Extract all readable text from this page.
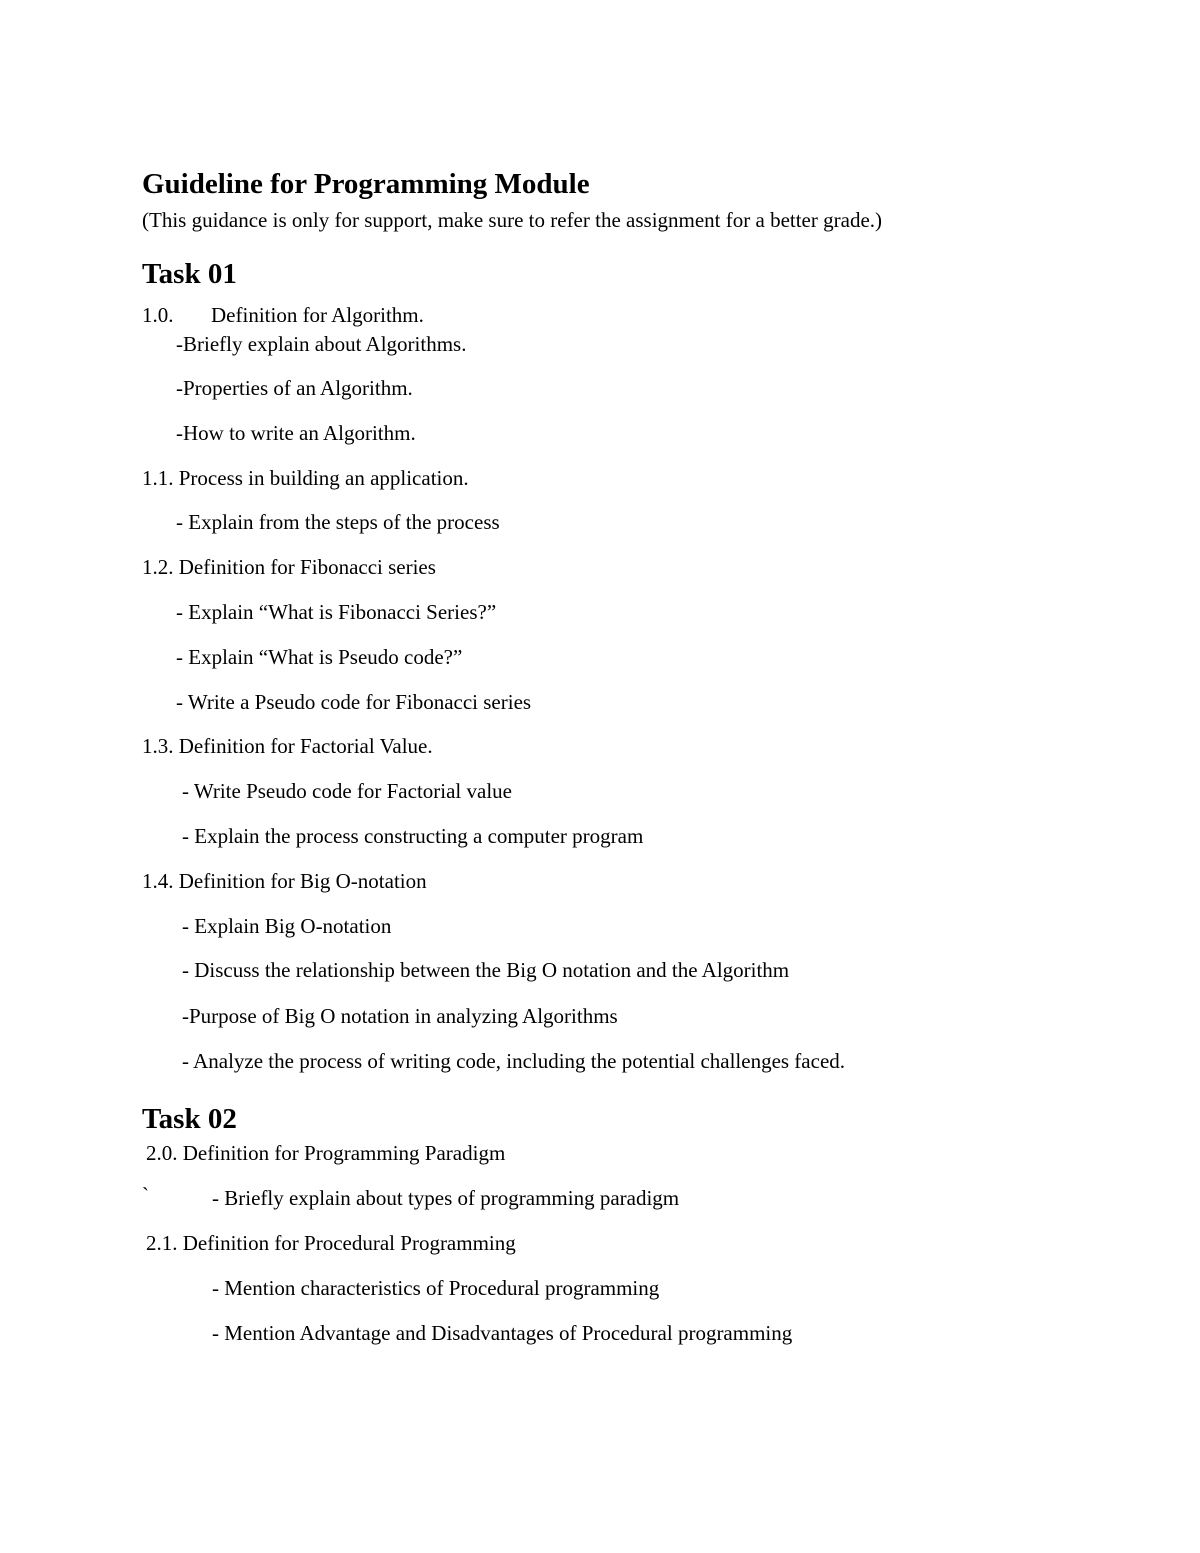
Guideline for Programming Module
(This guidance is only for support, make sure to refer the assignment for a better grade.)
Task 01
1.0. Definition for Algorithm.
-Briefly explain about Algorithms.
-Properties of an Algorithm.
-How to write an Algorithm.
1.1. Process in building an application.
- Explain from the steps of the process
1.2. Definition for Fibonacci series
- Explain “What is Fibonacci Series?”
- Explain “What is Pseudo code?”
- Write a Pseudo code for Fibonacci series
1.3. Definition for Factorial Value.
- Write Pseudo code for Factorial value
- Explain the process constructing a computer program
1.4. Definition for Big O-notation
- Explain Big O-notation
- Discuss the relationship between the Big O notation and the Algorithm
-Purpose of Big O notation in analyzing Algorithms
- Analyze the process of writing code, including the potential challenges faced.
Task 02
2.0. Definition for Programming Paradigm
`	- Briefly explain about types of programming paradigm
2.1. Definition for Procedural Programming
- Mention characteristics of Procedural programming
- Mention Advantage and Disadvantages of Procedural programming
